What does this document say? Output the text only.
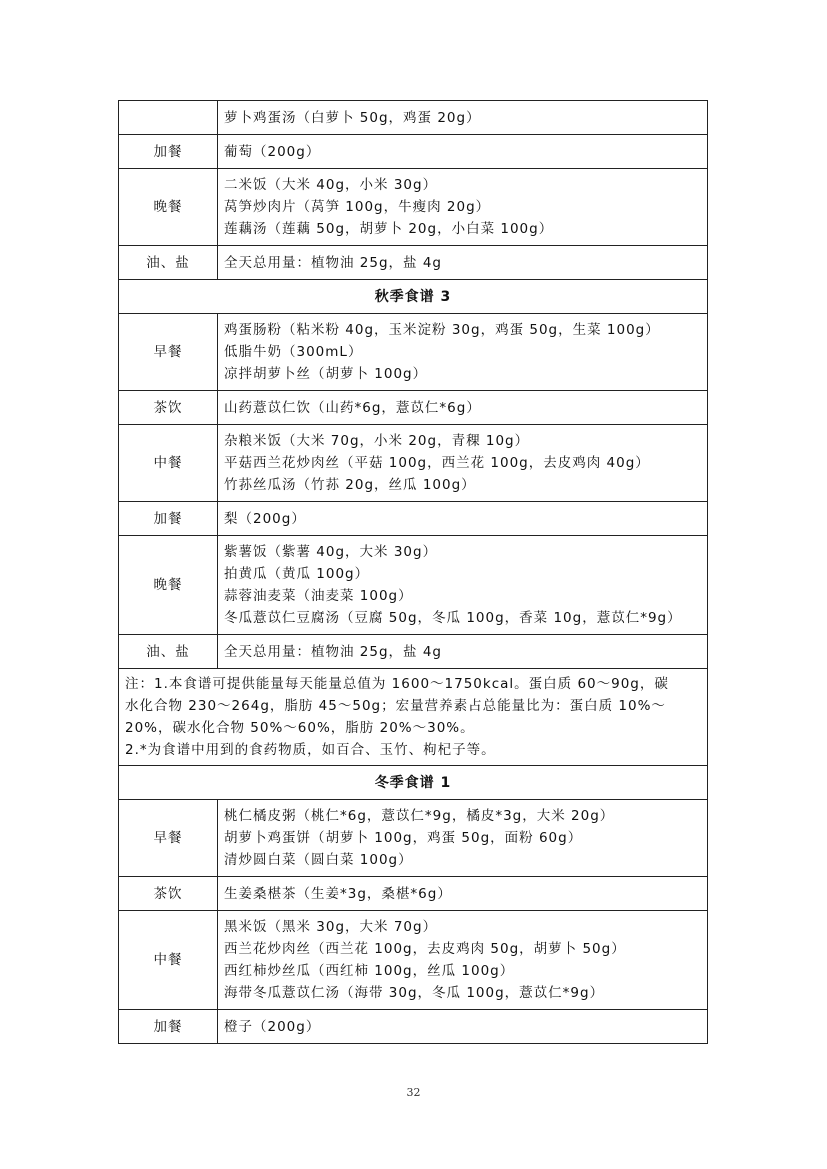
	萝卜鸡蛋汤（白萝卜 50g，鸡蛋 20g）

加餐	葡萄（200g）

晚餐	二米饭（大米 40g，小米 30g）
莴笋炒肉片（莴笋 100g，牛瘦肉 20g）
莲藕汤（莲藕 50g，胡萝卜 20g，小白菜 100g）

油、盐	全天总用量：植物油 25g，盐 4g

秋季食谱 3	
早餐	鸡蛋肠粉（粘米粉 40g，玉米淀粉 30g，鸡蛋 50g，生菜 100g）
低脂牛奶（300mL）
凉拌胡萝卜丝（胡萝卜 100g）

茶饮	山药薏苡仁饮（山药*6g，薏苡仁*6g）

中餐	杂粮米饭（大米 70g，小米 20g，青稞 10g）
平菇西兰花炒肉丝（平菇 100g，西兰花 100g，去皮鸡肉 40g）
竹荪丝瓜汤（竹荪 20g，丝瓜 100g）

加餐	梨（200g）

晚餐	紫薯饭（紫薯 40g，大米 30g）
拍黄瓜（黄瓜 100g）
蒜蓉油麦菜（油麦菜 100g）
冬瓜薏苡仁豆腐汤（豆腐 50g，冬瓜 100g，香菜 10g，薏苡仁*9g）

油、盐	全天总用量：植物油 25g，盐 4g

注：1.本食谱可提供能量每天能量总值为 1600～1750kcal。蛋白质 60～90g，碳
水化合物 230～264g，脂肪 45～50g；宏量营养素占总能量比为：蛋白质 10%～
20%，碳水化合物 50%～60%，脂肪 20%～30%。
2.*为食谱中用到的食药物质，如百合、玉竹、枸杞子等。	

冬季食谱 1	
早餐	桃仁橘皮粥（桃仁*6g，薏苡仁*9g，橘皮*3g，大米 20g）
胡萝卜鸡蛋饼（胡萝卜 100g，鸡蛋 50g，面粉 60g）
清炒圆白菜（圆白菜 100g）

茶饮	生姜桑椹茶（生姜*3g，桑椹*6g）

中餐	黑米饭（黑米 30g，大米 70g）
西兰花炒肉丝（西兰花 100g，去皮鸡肉 50g，胡萝卜 50g）
西红柿炒丝瓜（西红柿 100g，丝瓜 100g）
海带冬瓜薏苡仁汤（海带 30g，冬瓜 100g，薏苡仁*9g）

加餐	橙子（200g）
32
